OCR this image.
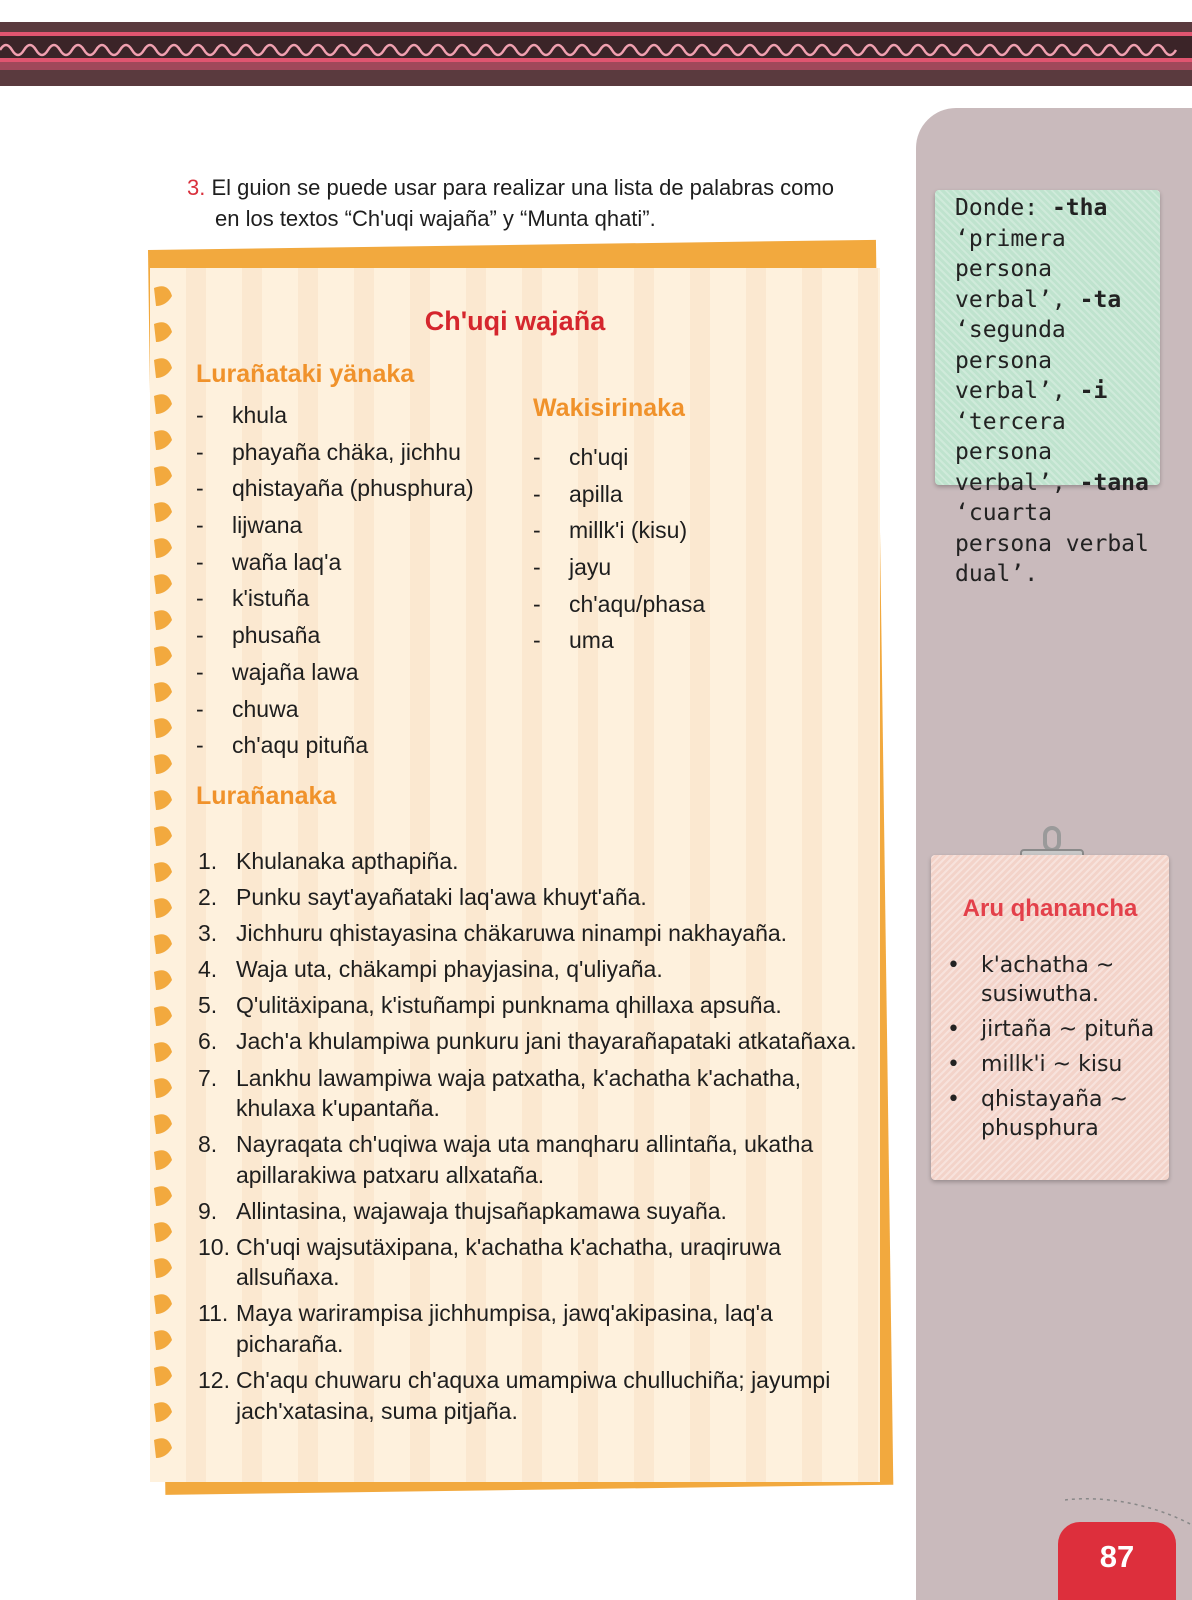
3. El guion se puede usar para realizar una lista de palabras como
en los textos “Ch'uqi wajaña” y “Munta qhati”.
Ch'uqi wajaña
Lurañataki yänaka
- khula
- phayaña chäka, jichhu
- qhistayaña (phusphura)
- lijwana
- waña laq'a
- k'istuña
- phusaña
- wajaña lawa
- chuwa
- ch'aqu pituña
Wakisirinaka
- ch'uqi
- apilla
- millk'i (kisu)
- jayu
- ch'aqu/phasa
- uma
Lurañanaka
1. Khulanaka apthapiña.
2. Punku sayt'ayañataki laq'awa khuyt'aña.
3. Jichhuru qhistayasina chäkaruwa ninampi nakhayaña.
4. Waja uta, chäkampi phayjasina, q'uliyaña.
5. Q'ulitäxipana, k'istuñampi punknama qhillaxa apsuña.
6. Jach'a khulampiwa punkuru jani thayarañapataki atkatañaxa.
7. Lankhu lawampiwa waja patxatha, k'achatha k'achatha, khulaxa k'upantaña.
8. Nayraqata ch'uqiwa waja uta manqharu allintaña, ukatha apillarakiwa patxaru allxataña.
9. Allintasina, wajawaja thujsañapkamawa suyaña.
10. Ch'uqi wajsutäxipana, k'achatha k'achatha, uraqiruwa allsuñaxa.
11. Maya warirampisa jichhumpisa, jawq'akipasina, laq'a picharaña.
12. Ch'aqu chuwaru ch'aquxa umampiwa chulluchiña; jayumpi jach'xatasina, suma pitjaña.
Donde: -tha ‘primera persona verbal’, -ta ‘segunda persona verbal’, -i ‘tercera persona verbal’, -tana ‘cuarta persona verbal dual’.
Aru qhanancha
• k'achatha ~ susiwutha.
• jirtaña ~ pituña
• millk'i ~ kisu
• qhistayaña ~ phusphura
87
